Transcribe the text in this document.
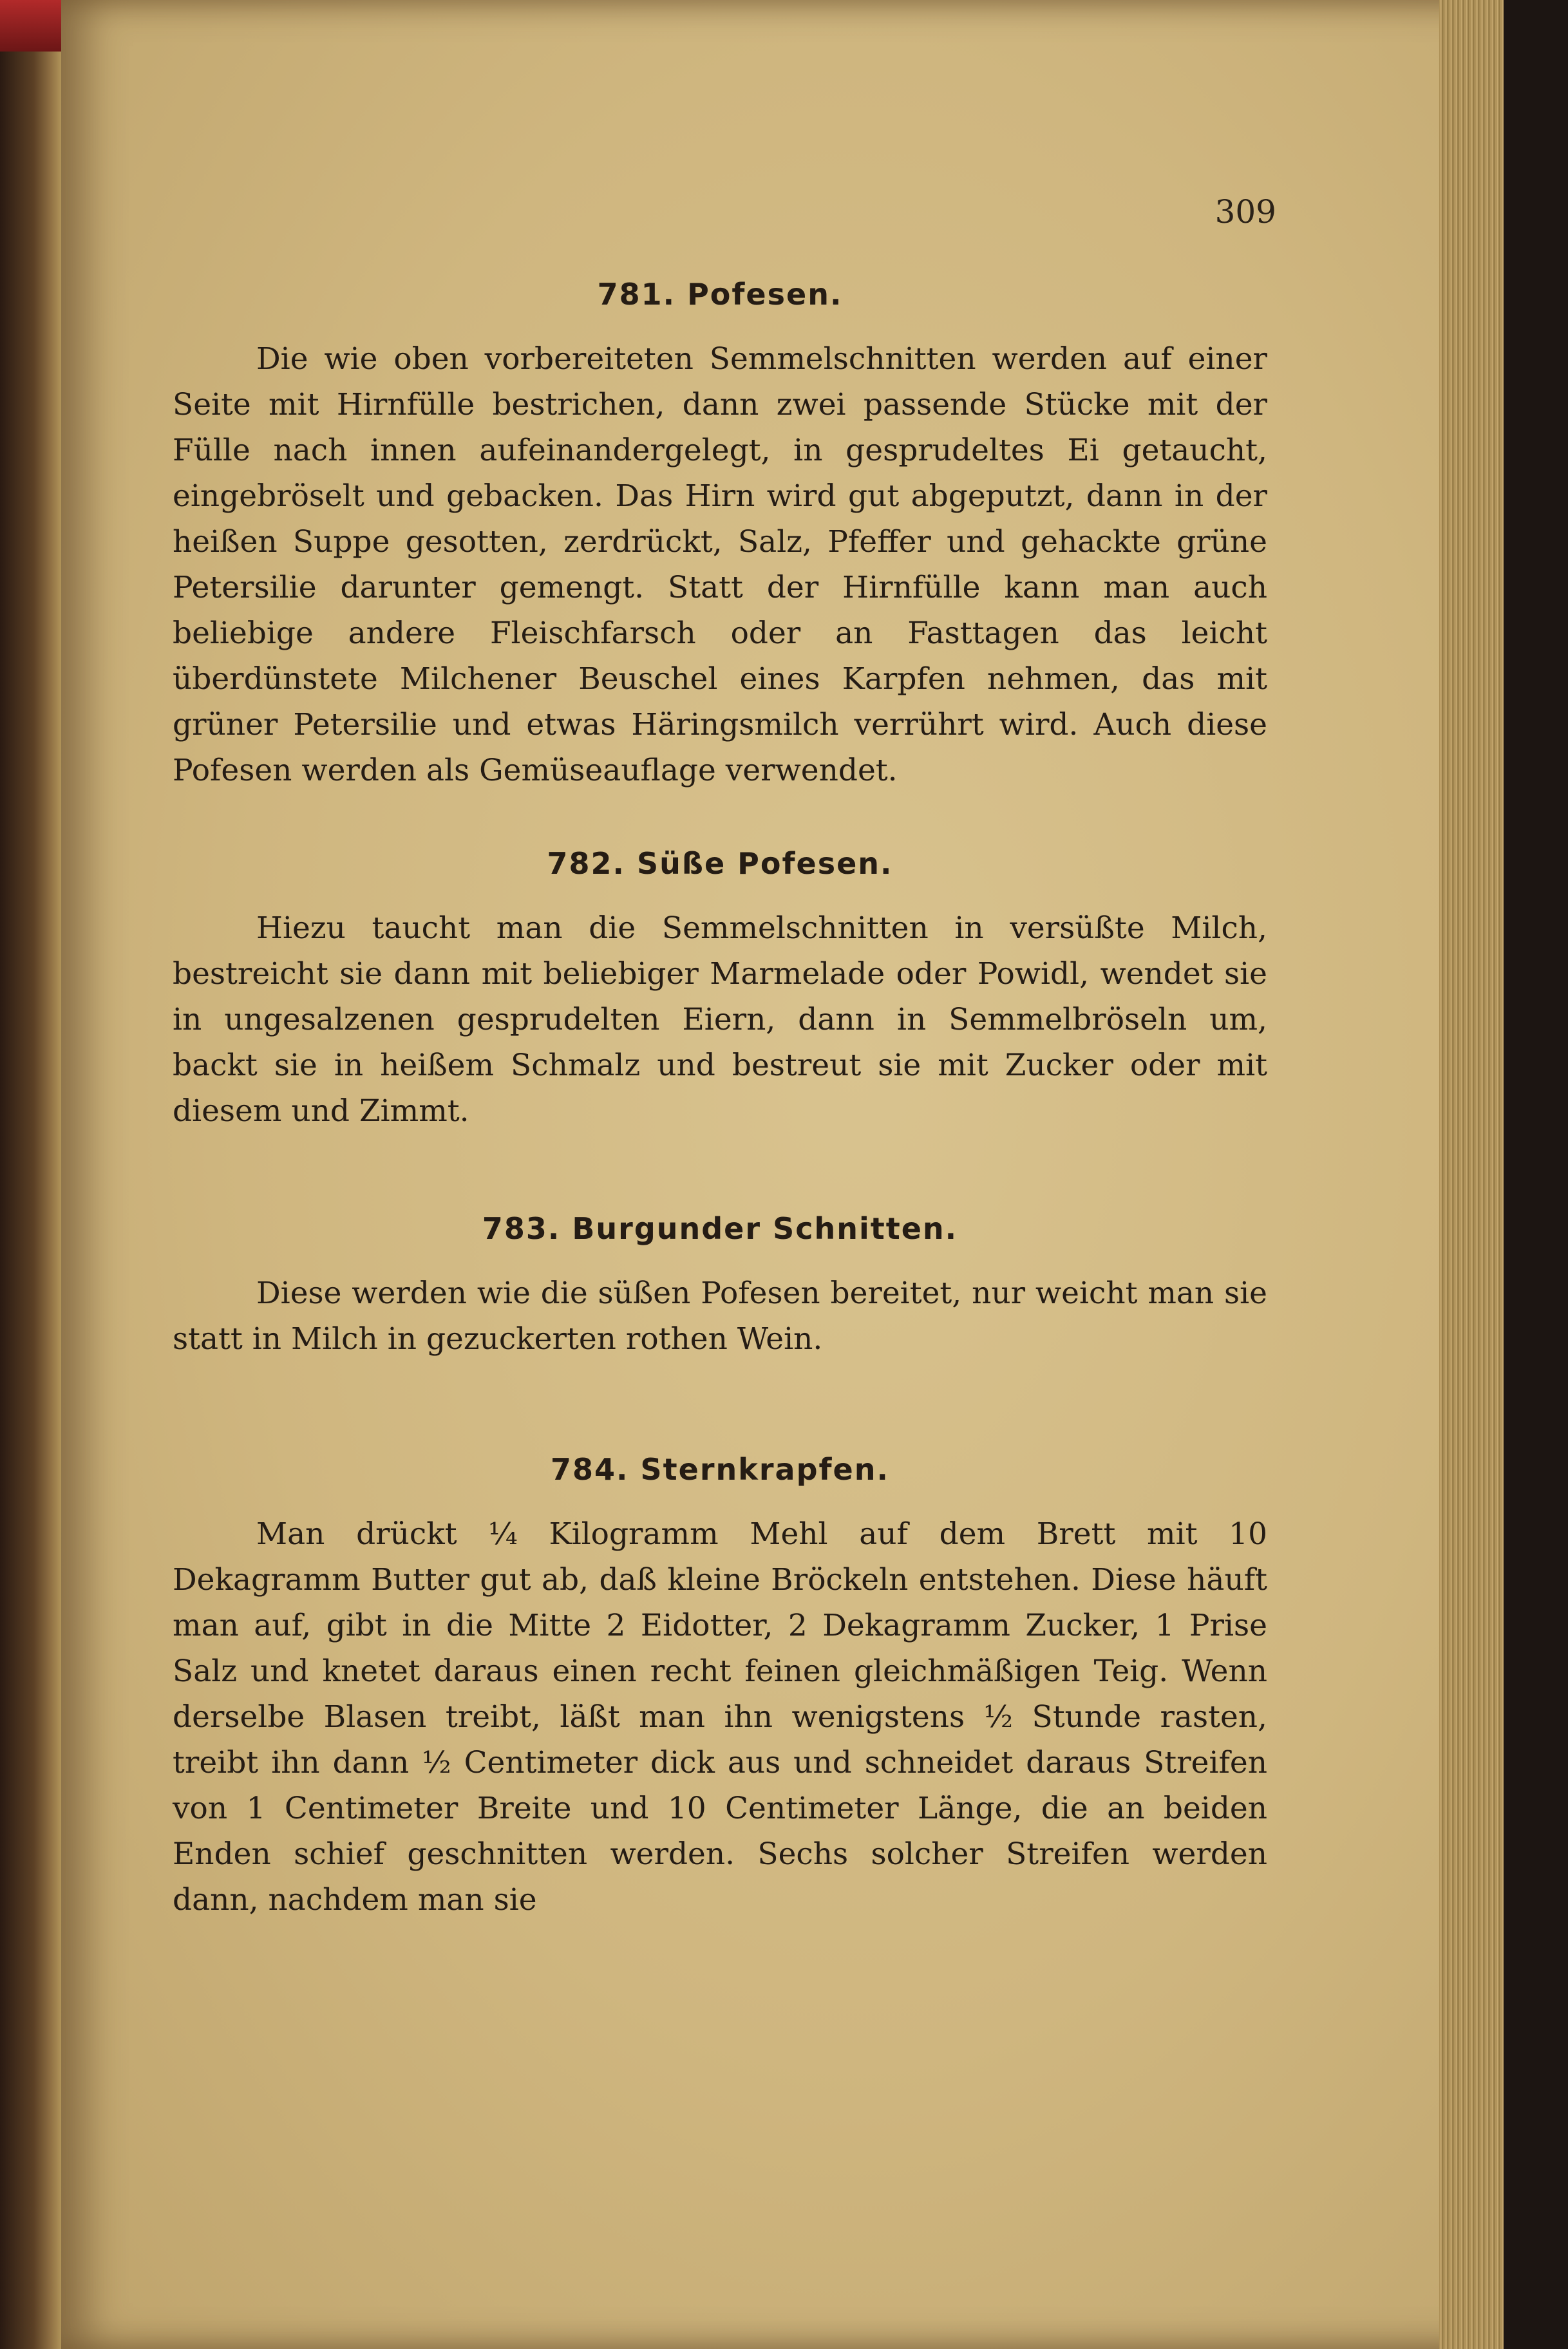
309
781. Pofesen.

Die wie oben vorbereiteten Semmelschnitten werden auf einer Seite mit Hirnfülle bestrichen, dann zwei passende Stücke mit der Fülle nach innen aufeinandergelegt, in gesprudeltes Ei getaucht, eingebröselt und gebacken. Das Hirn wird gut abgeputzt, dann in der heißen Suppe gesotten, zerdrückt, Salz, Pfeffer und gehackte grüne Petersilie darunter gemengt. Statt der Hirnfülle kann man auch beliebige andere Fleischfarsch oder an Fasttagen das leicht überdünstete Milchener Beuschel eines Karpfen nehmen, das mit grüner Petersilie und etwas Häringsmilch verrührt wird. Auch diese Pofesen werden als Gemüseauflage verwendet.

782. Süße Pofesen.

Hiezu taucht man die Semmelschnitten in versüßte Milch, bestreicht sie dann mit beliebiger Marmelade oder Powidl, wendet sie in ungesalzenen gesprudelten Eiern, dann in Semmelbröseln um, backt sie in heißem Schmalz und bestreut sie mit Zucker oder mit diesem und Zimmt.

783. Burgunder Schnitten.

Diese werden wie die süßen Pofesen bereitet, nur weicht man sie statt in Milch in gezuckerten rothen Wein.

784. Sternkrapfen.

Man drückt ¼ Kilogramm Mehl auf dem Brett mit 10 Dekagramm Butter gut ab, daß kleine Bröckeln entstehen. Diese häuft man auf, gibt in die Mitte 2 Eidotter, 2 Dekagramm Zucker, 1 Prise Salz und knetet daraus einen recht feinen gleichmäßigen Teig. Wenn derselbe Blasen treibt, läßt man ihn wenigstens ½ Stunde rasten, treibt ihn dann ½ Centimeter dick aus und schneidet daraus Streifen von 1 Centimeter Breite und 10 Centimeter Länge, die an beiden Enden schief geschnitten werden. Sechs solcher Streifen werden dann, nachdem man sie
